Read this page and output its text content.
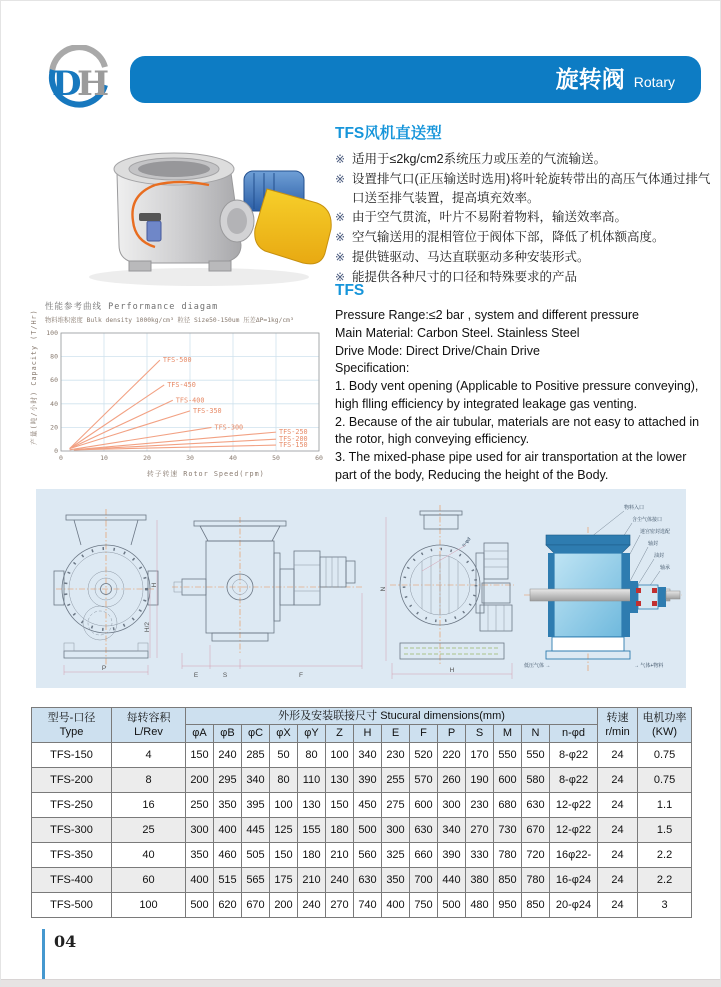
D
H	旋转阀 Rotary
TFS风机直送型
※ 适用于≤2kg/cm2系统压力或压差的气流输送。
※ 设置排气口(正压输送时选用)将叶轮旋转带出的高压气体通过排气口送至排气装置，提高填充效率。
※ 由于空气贯流，叶片不易附着物料，输送效率高。
※ 空气输送用的混相管位于阀体下部，降低了机体额高度。
※ 提供链驱动、马达直联驱动多种安装形式。
※ 能提供各种尺寸的口径和特殊要求的产品
TFS
Pressure Range:≤2 bar , system and different pressure
Main Material: Carbon Steel. Stainless Steel
Drive Mode: Direct Drive/Chain Drive
Specification:
1. Body vent opening (Applicable to Positive pressure conveying), high flling efficiency by integrated leakage gas venting.
2. Because of the air tubular, materials are not easy to attached in the rotor, high conveying efficiency.
3. The mixed-phase pipe used for air transportation at the lower part of the body, Reducing the height of the Body.
0	10	20	30	40	50	60
0
20
40
60
80
100
TFS-500
TFS-450
TFS-400
TFS-350
TFS-300
TFS-250
TFS-200
TFS-150
性能参考曲线 Performance diagam
物料堆积密度 Bulk density 1000kg/cm³ 粒径 Size50-150um 压差ΔP=1kg/cm³
转子转速 Rotor Speed(rpm)
产量(吨/小时) Capacity (T/Hr)
P
H/2
H
E	S	F
n-φd
N
H
物料入口
含尘气体接口
迷宫密封选配
轴封
油封
轴承
低压气体 →	→ 气体+物料
型号-口径
Type	每转容积
L/Rev	外形及安装联接尺寸 Stucural dimensions(mm)														转速
r/min	电机功率
(KW)
		φA	φB	φC	φX	φY	Z	H	E	F	P	S	M	N	n-φd		
TFS-150	4	150	240	285	50	80	100	340	230	520	220	170	550	550	8-φ22	24	0.75
TFS-200	8	200	295	340	80	110	130	390	255	570	260	190	600	580	8-φ22	24	0.75
TFS-250	16	250	350	395	100	130	150	450	275	600	300	230	680	630	12-φ22	24	1.1
TFS-300	25	300	400	445	125	155	180	500	300	630	340	270	730	670	12-φ22	24	1.5
TFS-350	40	350	460	505	150	180	210	560	325	660	390	330	780	720	16φ22-	24	2.2
TFS-400	60	400	515	565	175	210	240	630	350	700	440	380	850	780	16-φ24	24	2.2
TFS-500	100	500	620	670	200	240	270	740	400	750	500	480	950	850	20-φ24	24	3
04
